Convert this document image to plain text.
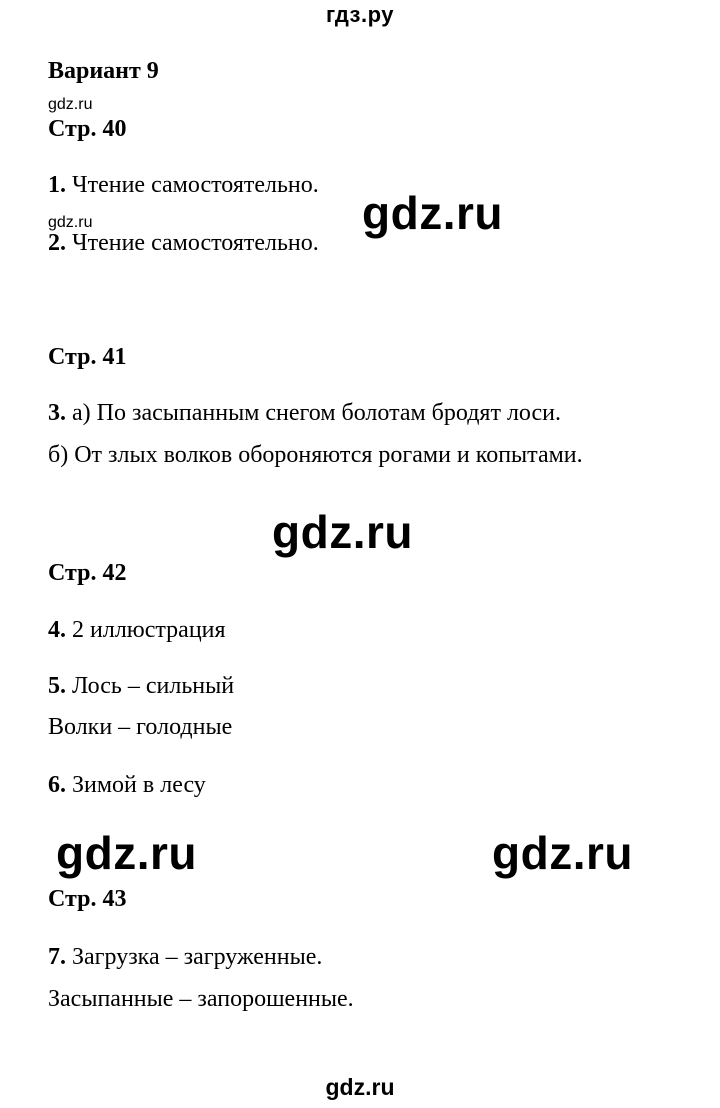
гдз.ру
Вариант 9
gdz.ru
Стр. 40
1. Чтение самостоятельно.
gdz.ru
gdz.ru
2. Чтение самостоятельно.
Стр. 41
3. а) По засыпанным снегом болотам бродят лоси.
б) От злых волков обороняются рогами и копытами.
gdz.ru
Стр. 42
4. 2 иллюстрация
5. Лось – сильный
Волки – голодные
6. Зимой в лесу
gdz.ru	gdz.ru
Стр. 43
7. Загрузка – загруженные.
Засыпанные – запорошенные.
gdz.ru
